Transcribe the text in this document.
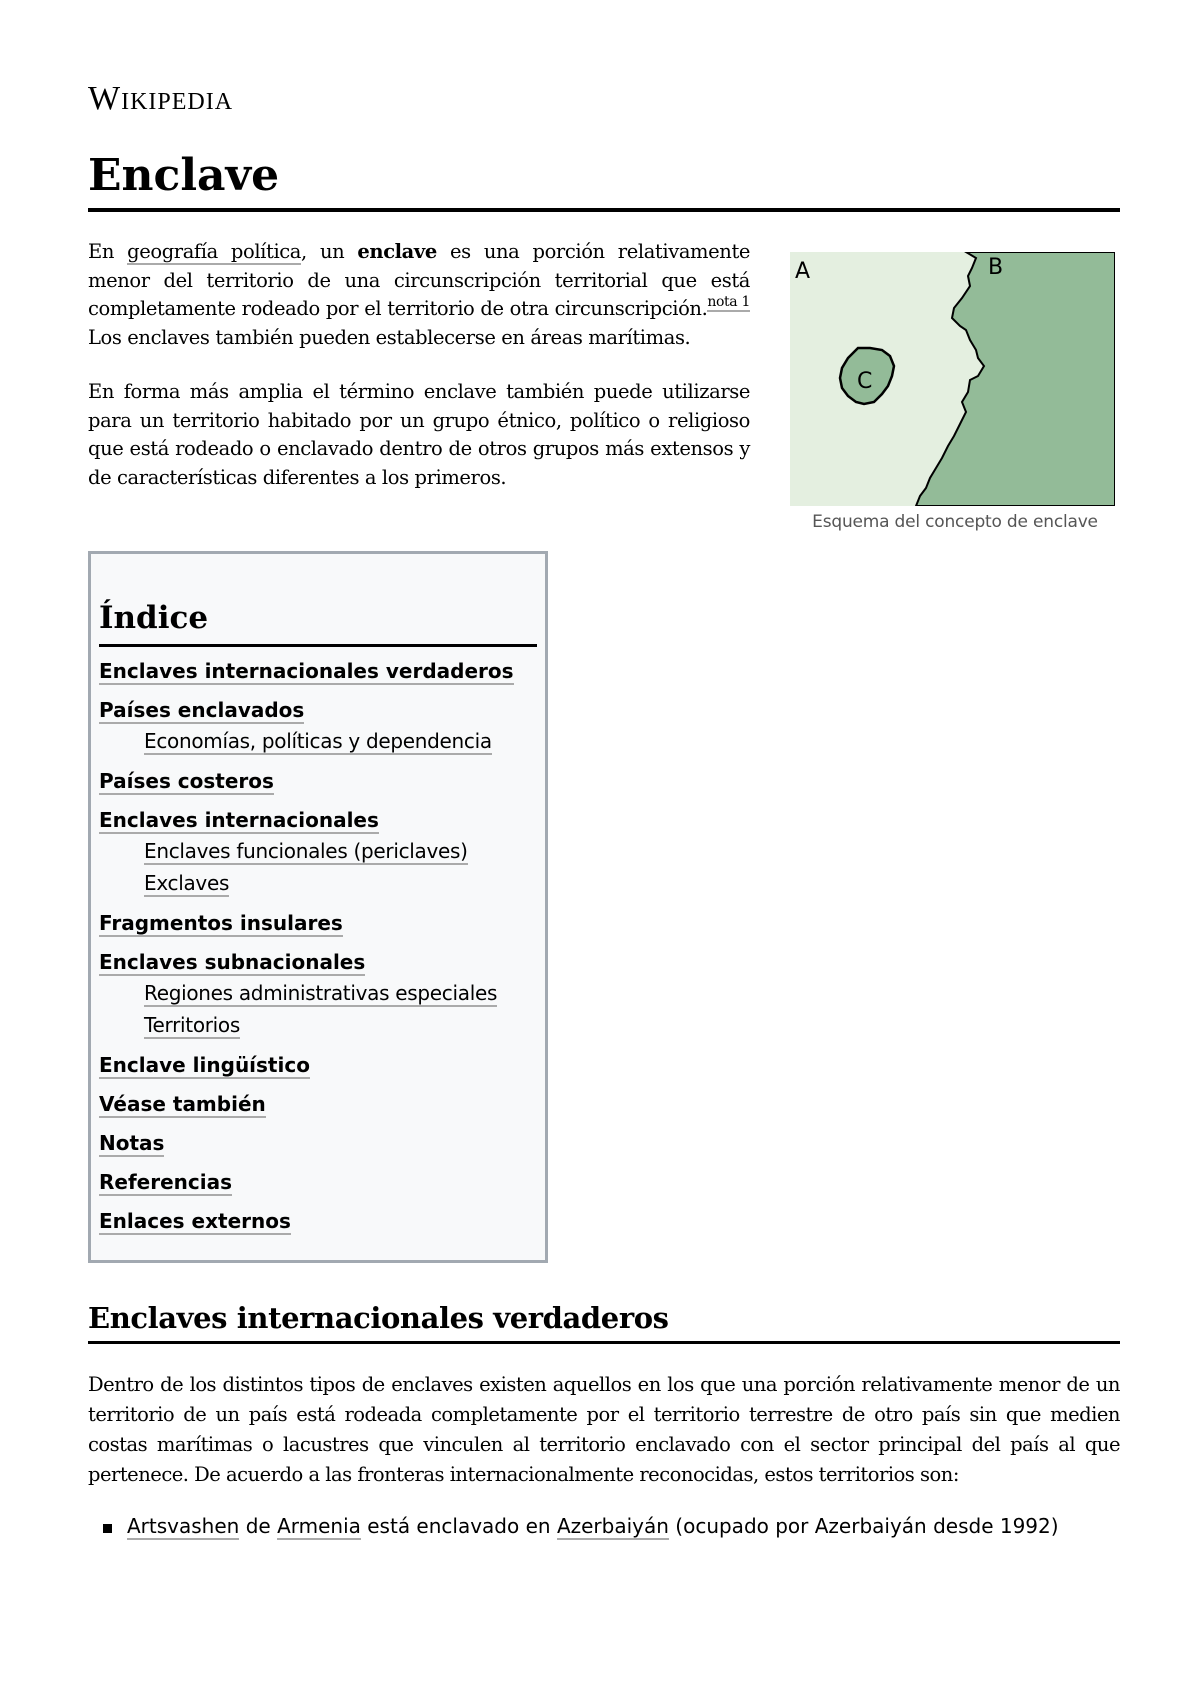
Wikipedia
Enclave

En geografía política, un enclave es una porción relativamente menor del territorio de una circunscripción territorial que está completamente rodeado por el territorio de otra circunscripción.$^{nota 1}$ Los enclaves también pueden establecerse en áreas marítimas.

En forma más amplia el término enclave también puede utilizarse para un territorio habitado por un grupo étnico, político o religioso que está rodeado o enclavado dentro de otros grupos más extensos y de características diferentes a los primeros.

A	B
C
Esquema del concepto de enclave
Índice
Enclaves internacionales verdaderos
Países enclavados
Economías, políticas y dependencia
Países costeros
Enclaves internacionales
Enclaves funcionales (periclaves)
Exclaves
Fragmentos insulares
Enclaves subnacionales
Regiones administrativas especiales
Territorios
Enclave lingüístico
Véase también
Notas
Referencias
Enlaces externos
Enclaves internacionales verdaderos

Dentro de los distintos tipos de enclaves existen aquellos en los que una porción relativamente menor de un territorio de un país está rodeada completamente por el territorio terrestre de otro país sin que medien costas marítimas o lacustres que vinculen al territorio enclavado con el sector principal del país al que pertenece. De acuerdo a las fronteras internacionalmente reconocidas, estos territorios son:

Artsvashen de Armenia está enclavado en Azerbaiyán (ocupado por Azerbaiyán desde 1992)
